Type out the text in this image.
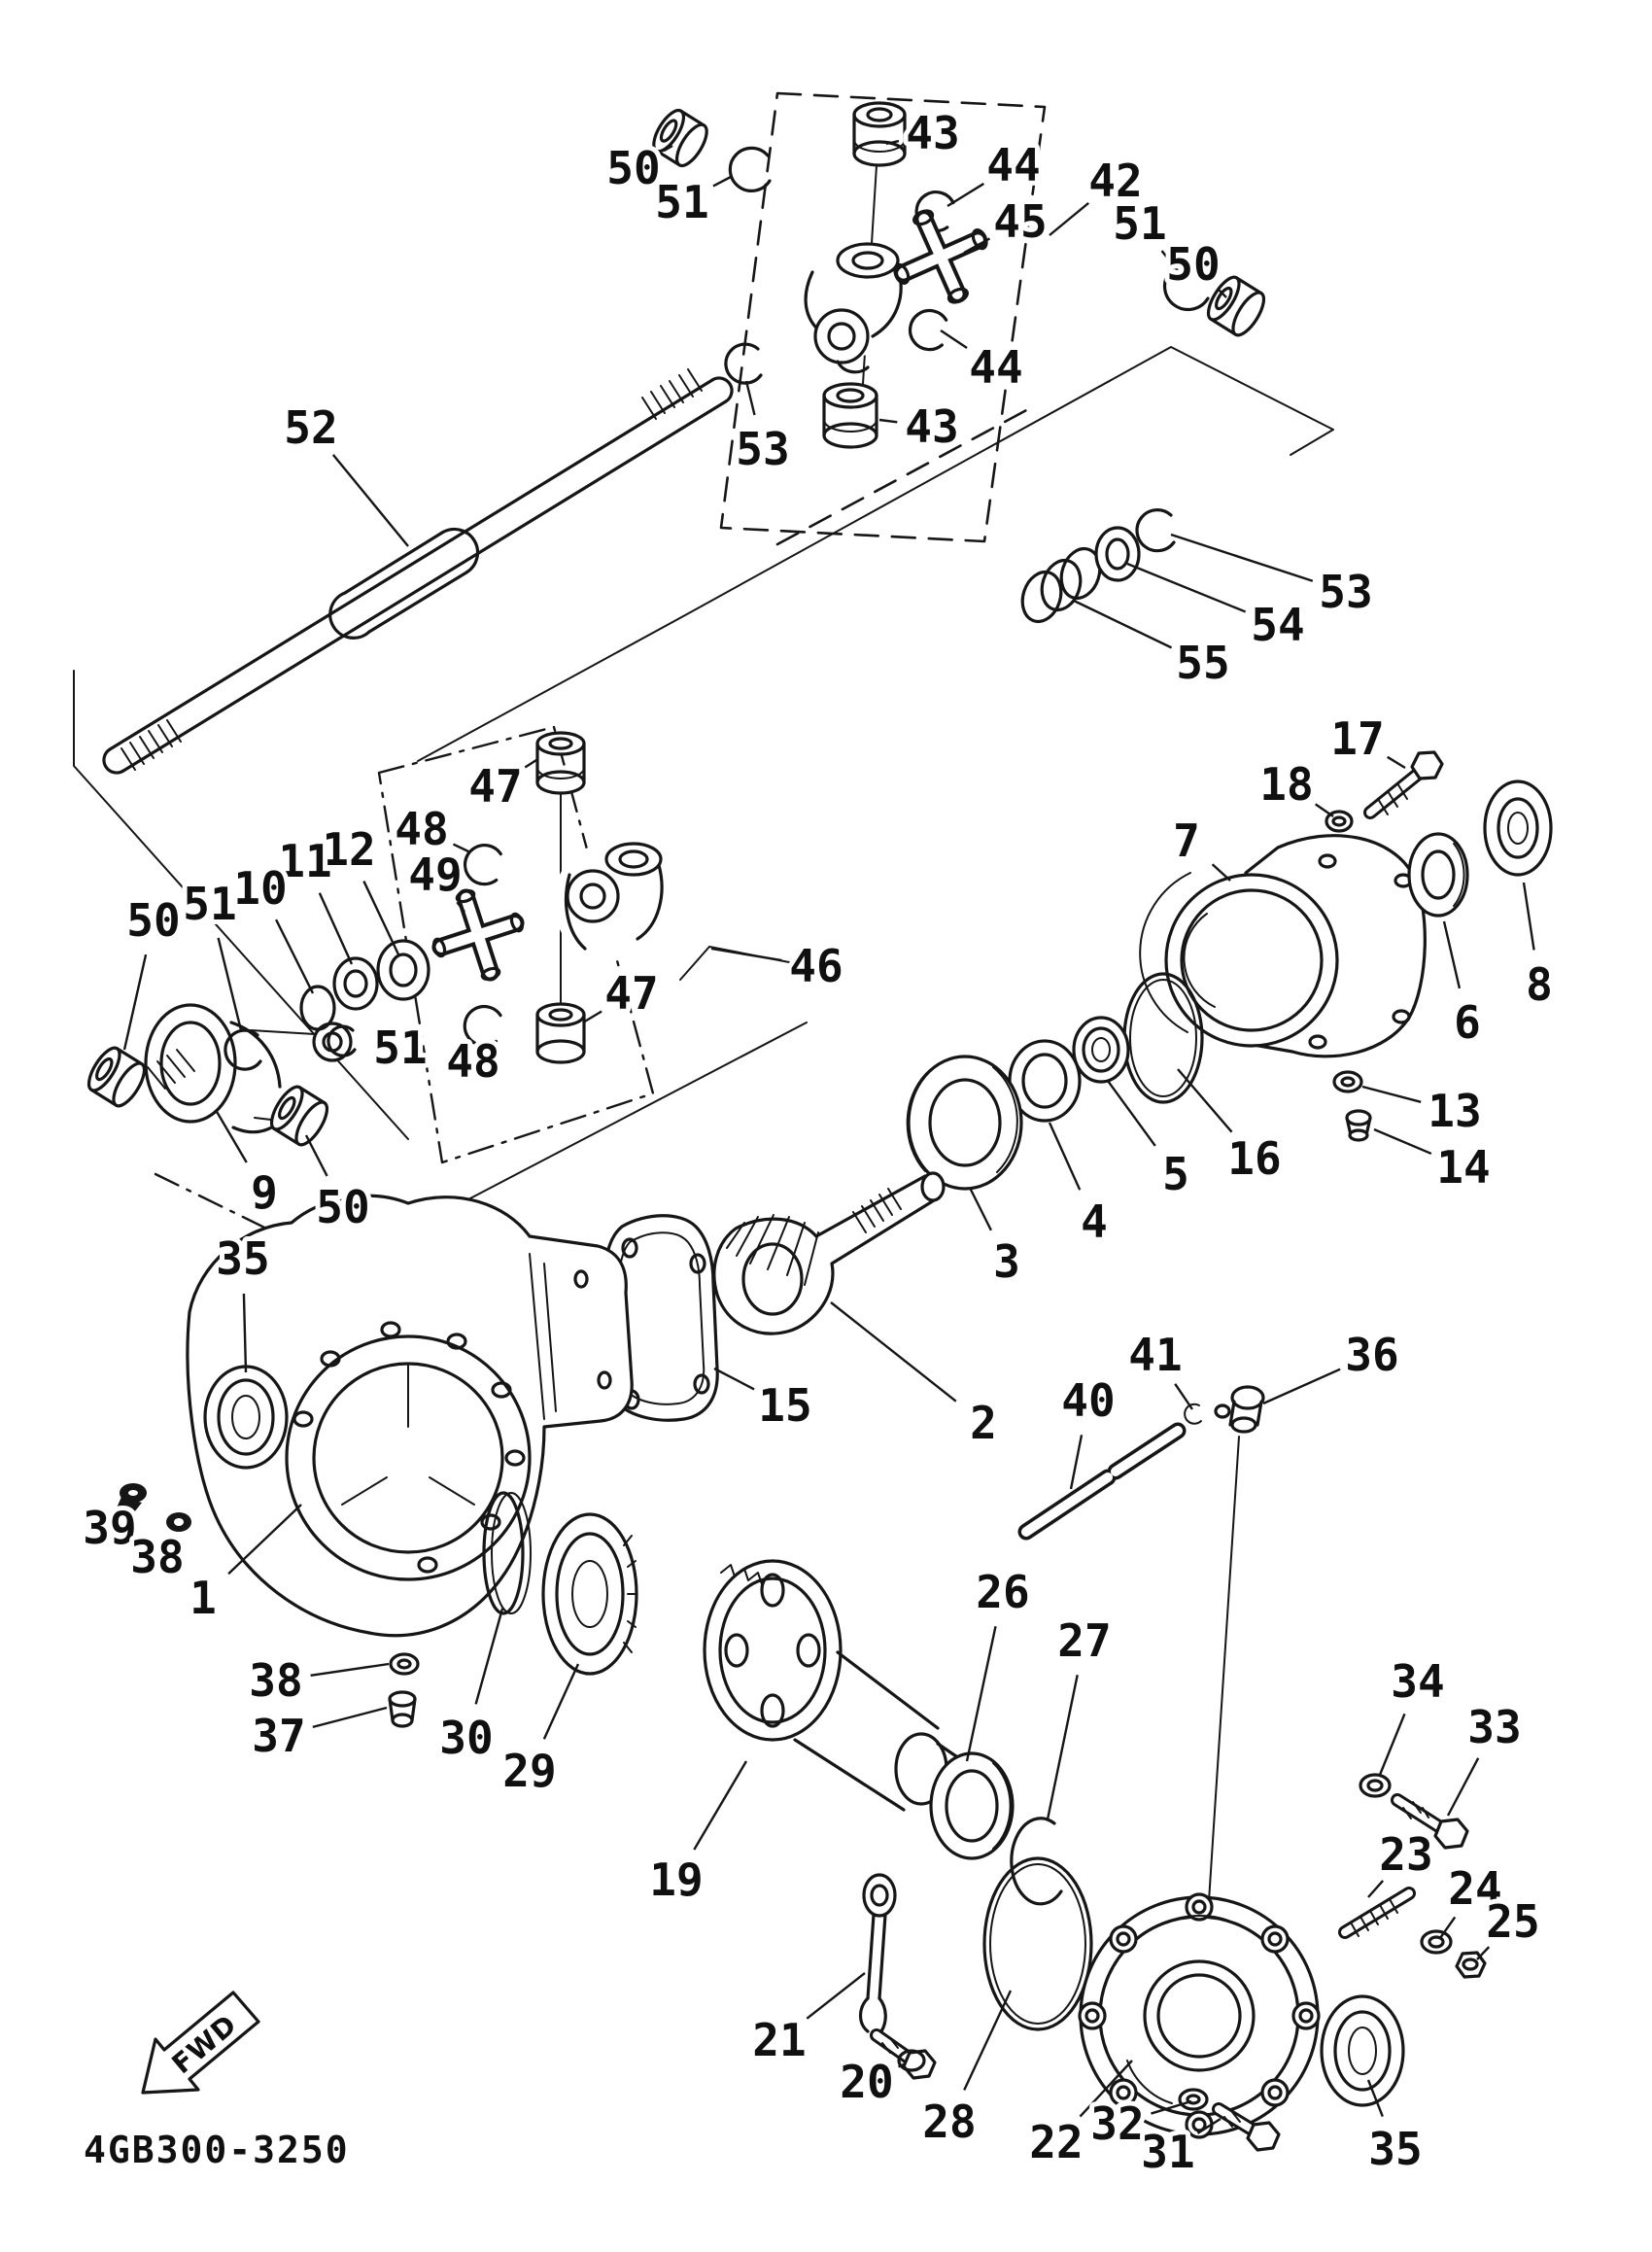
FWD
4GB300-3250
50
51
43
44 42
45 51
50
44
43
53
52
53
54
55
17
18
7
8
6
13
14
16
5
4
3
2
15
47
48
49
12
11
10
51
50
46
47
51 48
9 50
35
39
38
1
38
37	30
29
19
26
27
40
41	36
34
33
23
24
25
21
20
28 22 32
31	35
